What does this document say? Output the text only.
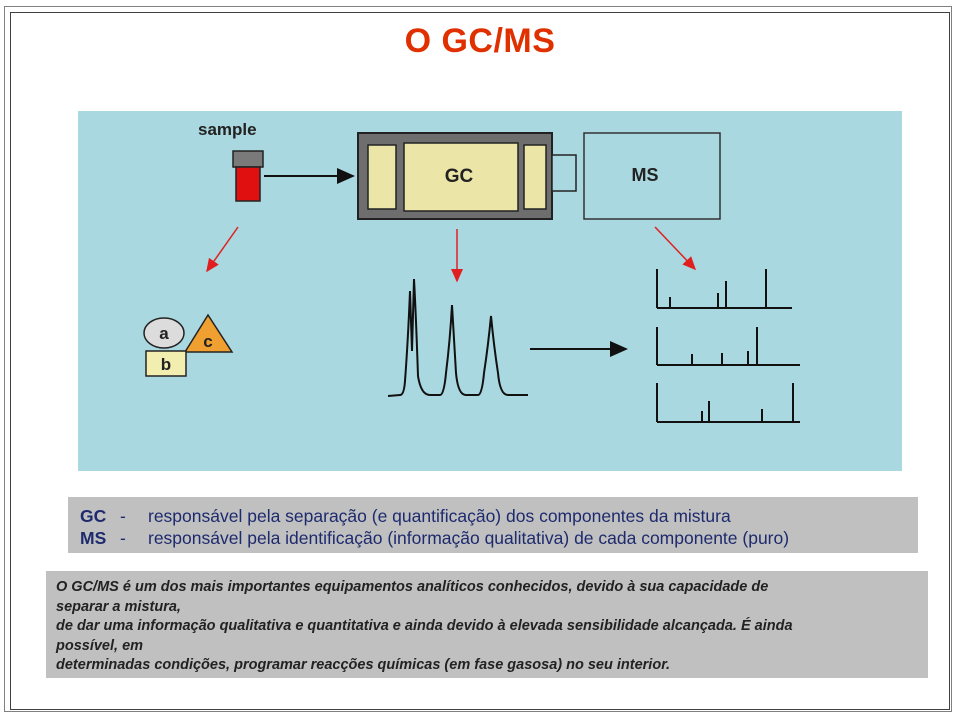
O GC/MS
sample
GC	MS
a c
b
GC - responsável pela separação (e quantificação) dos componentes da mistura
MS - responsável pela identificação (informação qualitativa) de cada componente (puro)

O GC/MS é um dos mais importantes equipamentos analíticos conhecidos, devido à sua capacidade de
separar a mistura,
de dar uma informação qualitativa e quantitativa e ainda devido à elevada sensibilidade alcançada. É ainda
possível, em
determinadas condições, programar reacções químicas (em fase gasosa) no seu interior.
